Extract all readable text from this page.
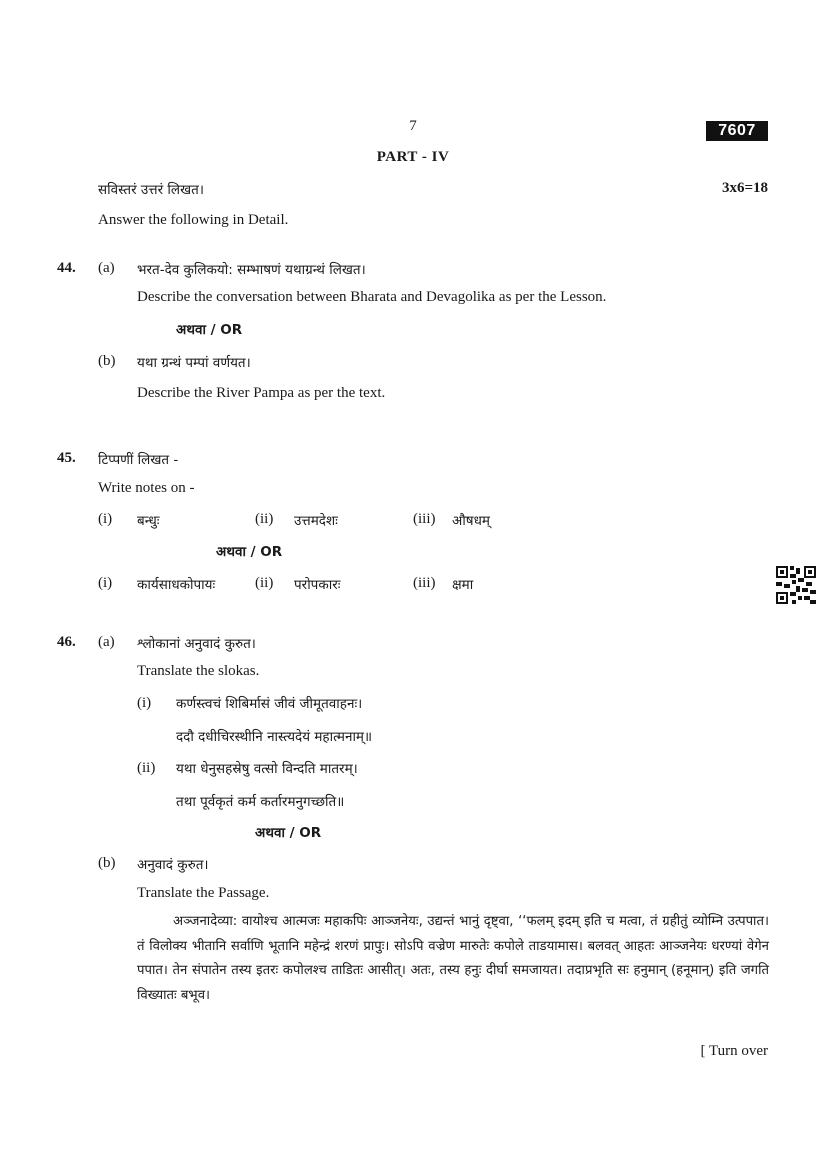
7	7607
PART - IV
सविस्तरं उत्तरं लिखत।	3x6=18
Answer the following in Detail.
44. (a) भरत-देव कुलिकयो: सम्भाषणं यथाग्रन्थं लिखत।
Describe the conversation between Bharata and Devagolika as per the Lesson.
अथवा / OR
(b) यथा ग्रन्थं पम्पां वर्णयत।
Describe the River Pampa as per the text.
45. टिप्पणीं लिखत -
Write notes on -
(i) बन्धुः	(ii) उत्तमदेशः	(iii) औषधम्
अथवा / OR
(i) कार्यसाधकोपायः	(ii) परोपकारः	(iii) क्षमा
46. (a) श्लोकानां अनुवादं कुरुत।
Translate the slokas.
(i) कर्णस्त्वचं शिबिर्मासं जीवं जीमूतवाहनः।
ददौ दधीचिरस्थीनि नास्त्यदेयं महात्मनाम्॥
(ii) यथा धेनुसहस्रेषु वत्सो विन्दति मातरम्।
तथा पूर्वकृतं कर्म कर्तारमनुगच्छति॥
अथवा / OR
(b) अनुवादं कुरुत।
Translate the Passage.

अञ्जनादेव्या: वायोश्च आत्मजः महाकपिः आञ्जनेयः, उद्यन्तं भानुं दृष्ट्वा, ‘‘फलम् इदम् इति च मत्वा, तं ग्रहीतुं व्योम्नि उत्पपात। तं विलोक्य भीतानि सर्वाणि भूतानि महेन्द्रं शरणं प्रापुः। सोऽपि वज्रेण मारुतेः कपोले ताडयामास। बलवत् आहतः आञ्जनेयः धरण्यां वेगेन पपात। तेन संपातेन तस्य इतरः कपोलश्च ताडितः आसीत्। अतः, तस्य हनुः दीर्घा समजायत। तदाप्रभृति सः हनुमान् (हनूमान्) इति जगति विख्यातः बभूव।

[ Turn over
